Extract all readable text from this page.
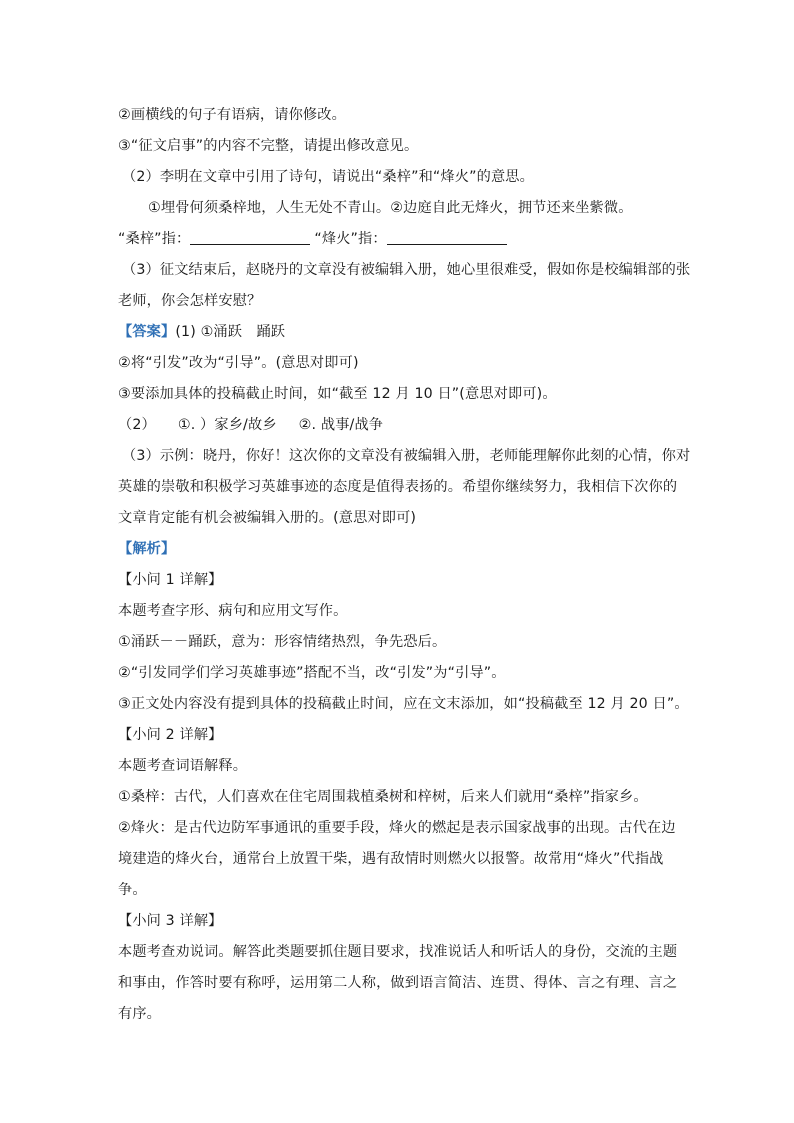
②画横线的句子有语病，请你修改。
③“征文启事”的内容不完整，请提出修改意见。
（2）李明在文章中引用了诗句，请说出“桑梓”和“烽火”的意思。
①埋骨何须桑梓地，人生无处不青山。②边庭自此无烽火，拥节还来坐紫微。
“桑梓”指：	“烽火”指：
（3）征文结束后，赵晓丹的文章没有被编辑入册，她心里很难受，假如你是校编辑部的张
老师，你会怎样安慰？
【答案】(1) ①涌跃　踊跃
②将“引发”改为“引导”。(意思对即可)
③要添加具体的投稿截止时间，如“截至 12 月 10 日”(意思对即可)。
（2） ①. ）家乡/故乡 ②. 战事/战争
（3）示例：晓丹，你好！这次你的文章没有被编辑入册，老师能理解你此刻的心情，你对
英雄的崇敬和积极学习英雄事迹的态度是值得表扬的。希望你继续努力，我相信下次你的
文章肯定能有机会被编辑入册的。(意思对即可)
【解析】
【小问 1 详解】
本题考查字形、病句和应用文写作。
①涌跃－－踊跃，意为：形容情绪热烈，争先恐后。
②“引发同学们学习英雄事迹”搭配不当，改“引发”为“引导”。
③正文处内容没有提到具体的投稿截止时间，应在文末添加，如“投稿截至 12 月 20 日”。
【小问 2 详解】
本题考查词语解释。
①桑梓：古代，人们喜欢在住宅周围栽植桑树和梓树，后来人们就用“桑梓”指家乡。
②烽火：是古代边防军事通讯的重要手段，烽火的燃起是表示国家战事的出现。古代在边
境建造的烽火台，通常台上放置干柴，遇有敌情时则燃火以报警。故常用“烽火”代指战
争。
【小问 3 详解】
本题考查劝说词。解答此类题要抓住题目要求，找准说话人和听话人的身份，交流的主题
和事由，作答时要有称呼，运用第二人称，做到语言简洁、连贯、得体、言之有理、言之
有序。
